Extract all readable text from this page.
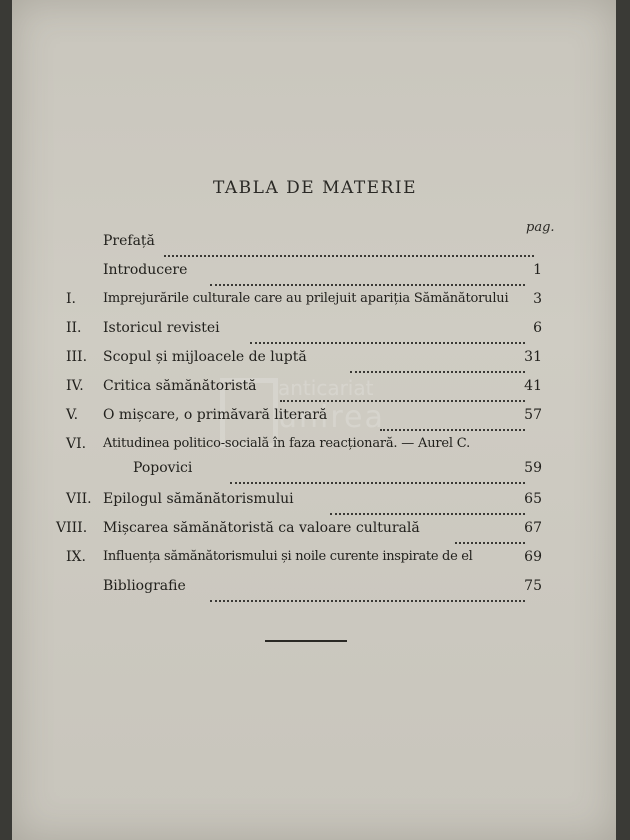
anticariat
unirea
TABLA DE MATERIE
pag.
Prefață
Introducere	1
I. Imprejurările culturale care au prilejuit apariția Sămănătorului 3
II. Istoricul revistei	6
III. Scopul și mijloacele de luptă	31
IV. Critica sămănătoristă	41
V. O mișcare, o primăvară literară	57
VI. Atitudinea politico-socială în faza reacționară. — Aurel C.
Popovici	59
VII. Epilogul sămănătorismului	65
VIII. Mișcarea sămănătoristă ca valoare culturală	67
IX. Influența sămănătorismului și noile curente inspirate de el	69
Bibliografie	75
